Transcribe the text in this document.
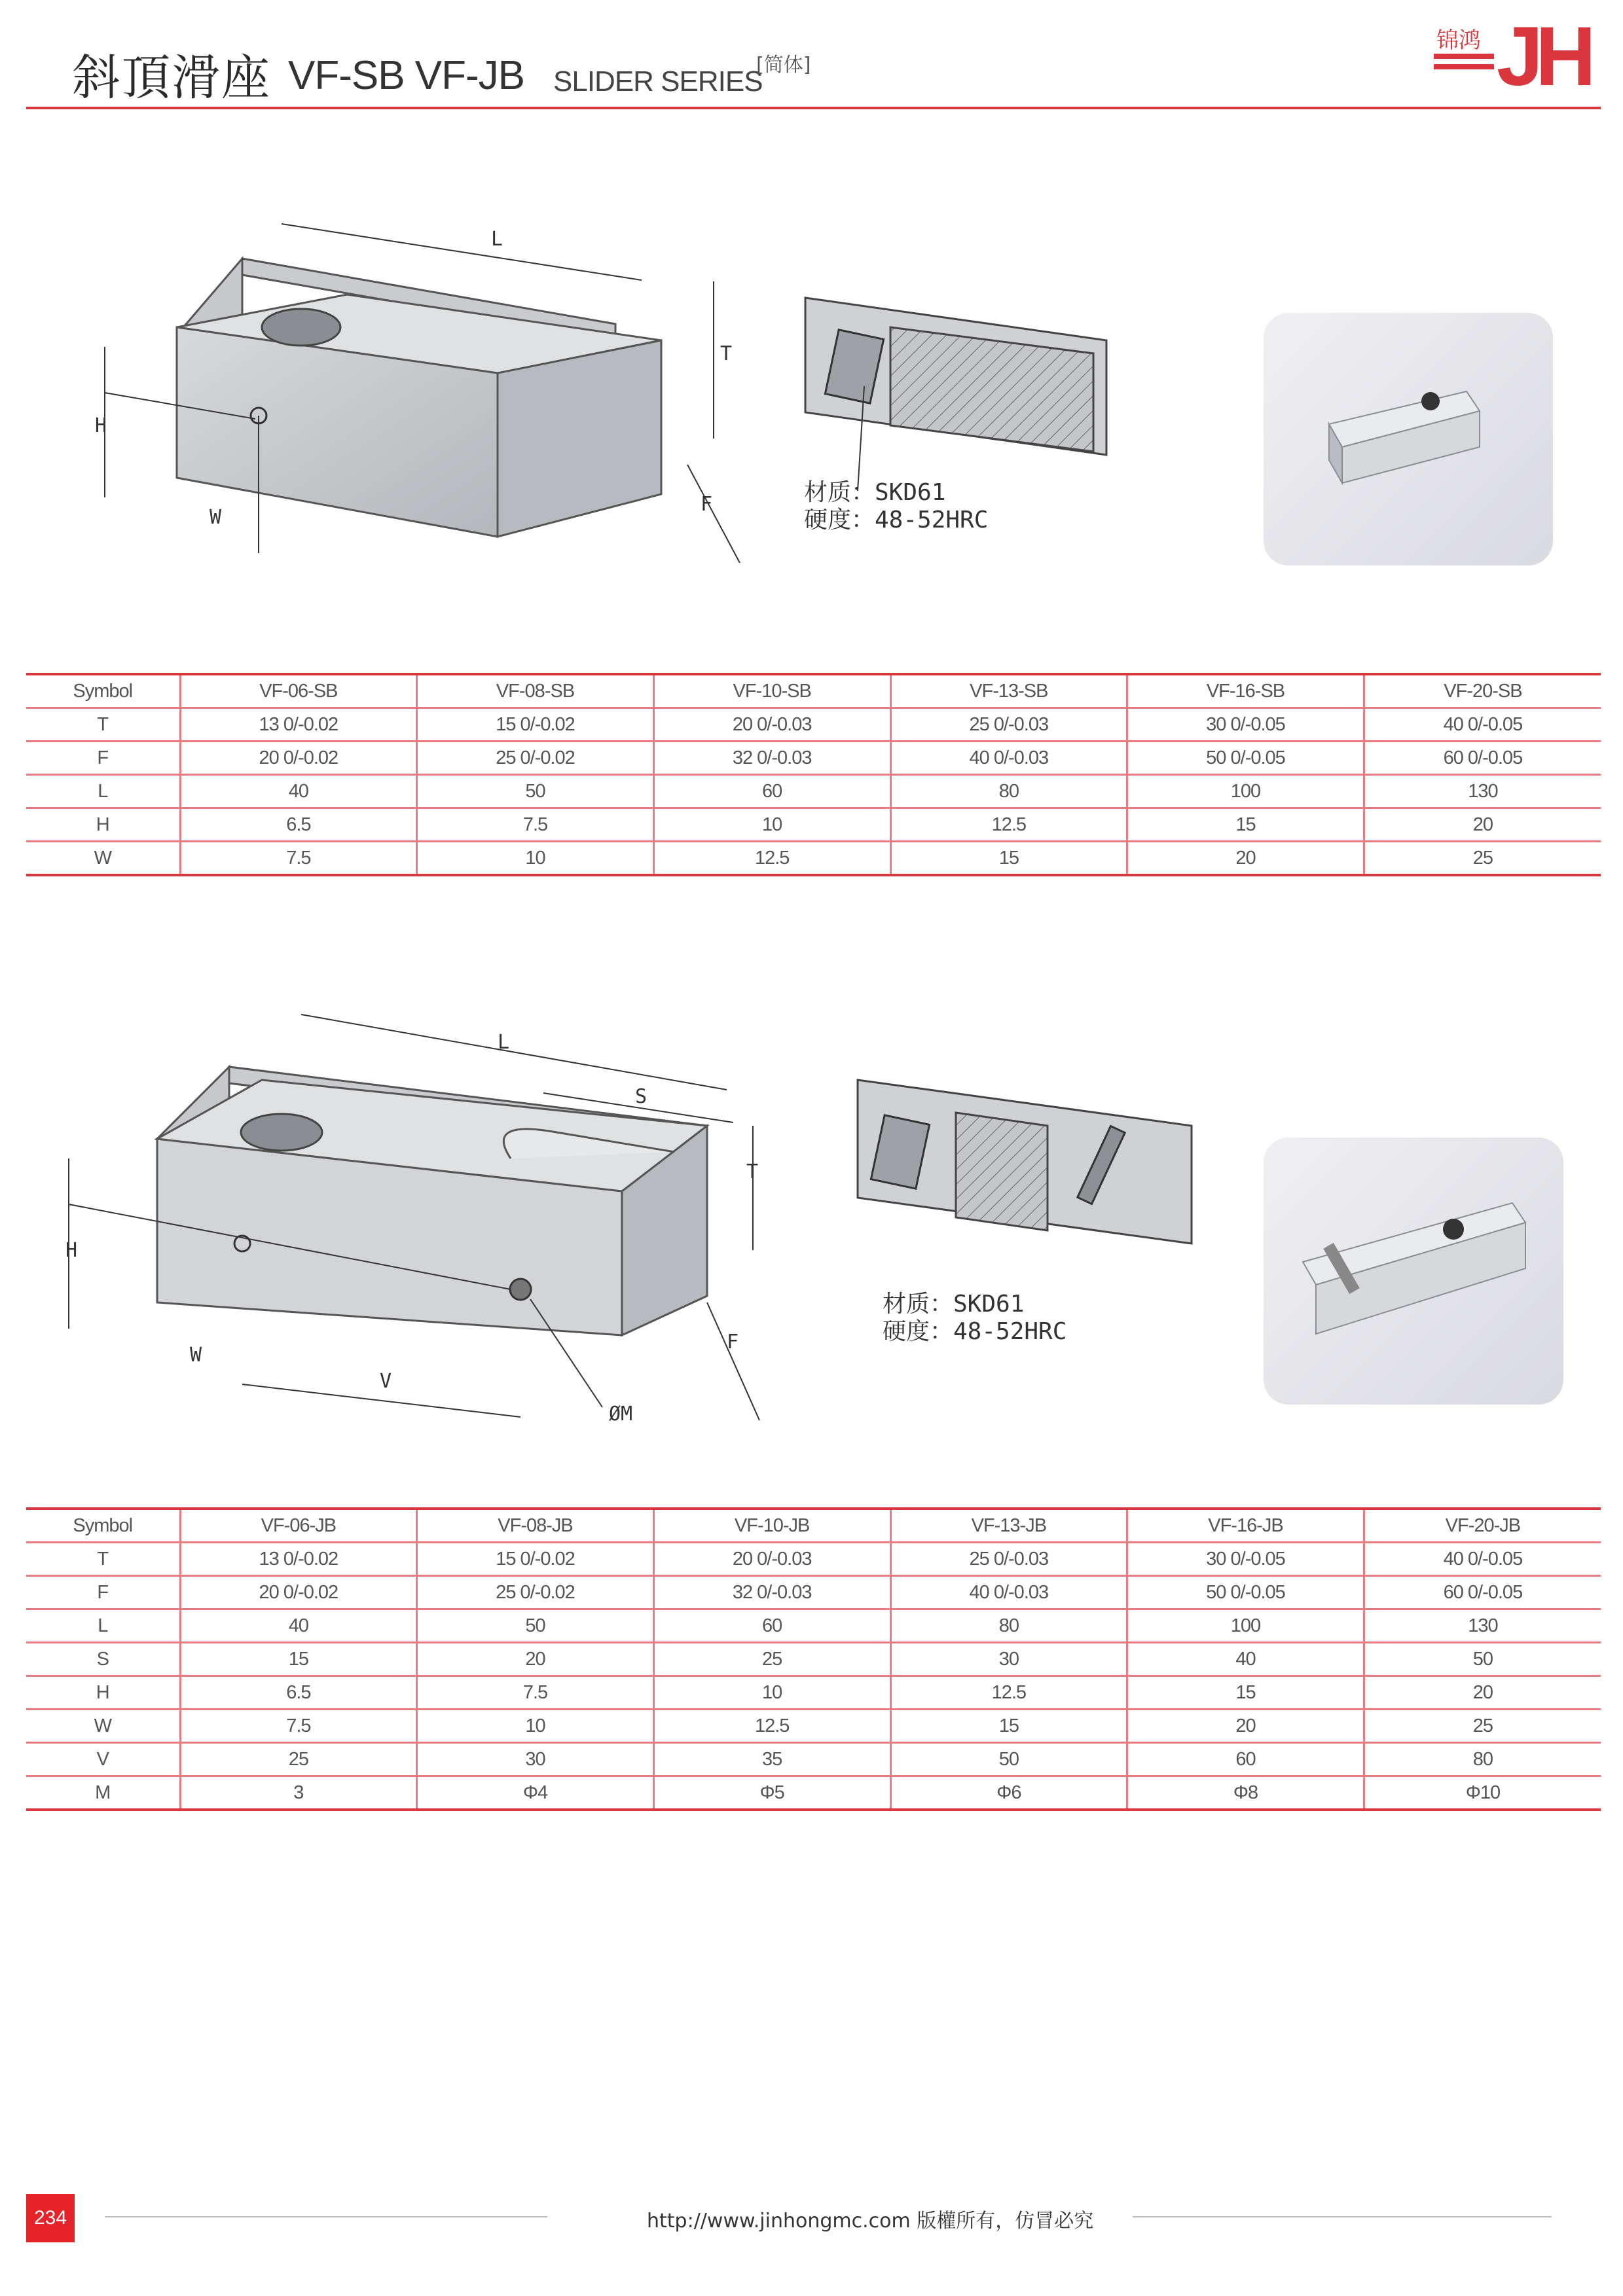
斜頂滑座 VF-SB VF-JB SLIDER SERIES
[简体]
锦鸿 JH
L
T
H
W
F	材质：SKD61
硬度：48-52HRC
Symbol	VF-06-SB	VF-08-SB	VF-10-SB	VF-13-SB	VF-16-SB	VF-20-SB
T	13 0/-0.02	15 0/-0.02	20 0/-0.03	25 0/-0.03	30 0/-0.05	40 0/-0.05
F	20 0/-0.02	25 0/-0.02	32 0/-0.03	40 0/-0.03	50 0/-0.05	60 0/-0.05
L	40	50	60	80	100	130
H	6.5	7.5	10	12.5	15	20
W	7.5	10	12.5	15	20	25
L
S
T
H
W
V
ØM
F
材质：SKD61
硬度：48-52HRC
Symbol	VF-06-JB	VF-08-JB	VF-10-JB	VF-13-JB	VF-16-JB	VF-20-JB
T	13 0/-0.02	15 0/-0.02	20 0/-0.03	25 0/-0.03	30 0/-0.05	40 0/-0.05
F	20 0/-0.02	25 0/-0.02	32 0/-0.03	40 0/-0.03	50 0/-0.05	60 0/-0.05
L	40	50	60	80	100	130
S	15	20	25	30	40	50
H	6.5	7.5	10	12.5	15	20
W	7.5	10	12.5	15	20	25
V	25	30	35	50	60	80
M	3	Φ4	Φ5	Φ6	Φ8	Φ10
234	http://www.jinhongmc.com 版權所有，仿冒必究
